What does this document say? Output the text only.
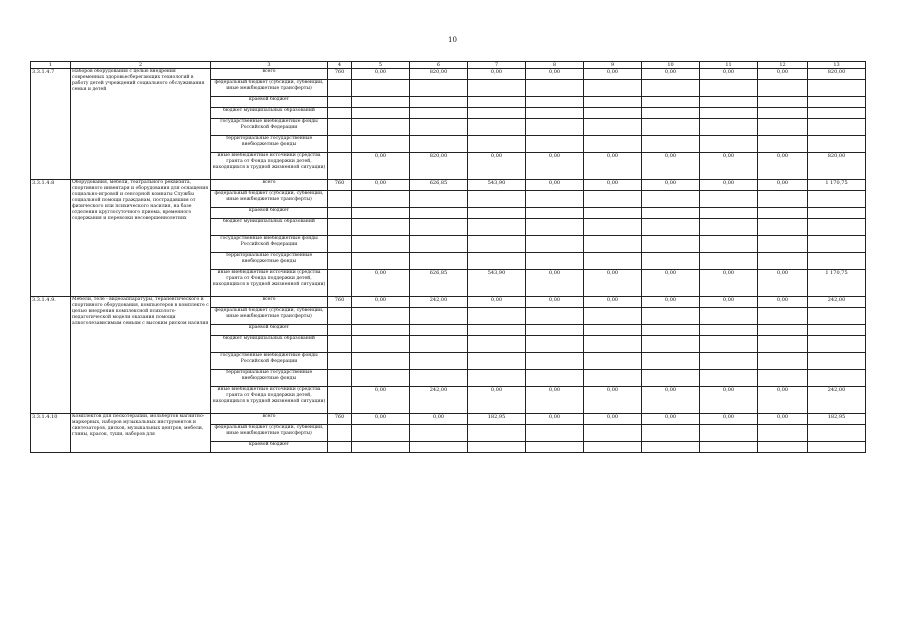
10
1	2	3	4	5	6	7	8	9	10	11	12	13
3.3.1.4.7	Наборов оборудования с целью внедрения современных здоровьесберегающих технологий в работу детей учреждений социального обслуживания семьи и детей	всего	760	0,00	820,00	0,00	0,00	0,00	0,00	0,00	0,00	820,00
		федеральный бюджет (субсидии, субвенции, иные межбюджетные трансферты)										
		краевой бюджет										
		бюджет муниципальных образований										
		государственные внебюджетные фонды Российской Федерации										
		территориальные государственные внебюджетные фонды										
		иные внебюджетные источники (средства гранта от Фонда поддержки детей, находящихся в трудной жизненной ситуации)		0,00	820,00	0,00	0,00	0,00	0,00	0,00	0,00	820,00
3.3.1.4.8	Оборудования, мебели, театрального реквизита, спортивного инвентаря и оборудования для оснащения социально-игровой и сенсорной комнаты Службы социальной помощи гражданам, пострадавшим от физического или психического насилия, на базе отделения круглосуточного приема, временного содержания и перевозки несовершеннолетних	всего	760	0,00	626,85	543,90	0,00	0,00	0,00	0,00	0,00	1 170,75
		федеральный бюджет (субсидии, субвенции, иные межбюджетные трансферты)										
		краевой бюджет										
		бюджет муниципальных образований										
		государственные внебюджетные фонды Российской Федерации										
		территориальные государственные внебюджетные фонды										
		иные внебюджетные источники (средства гранта от Фонда поддержки детей, находящихся в трудной жизненной ситуации)		0,00	626,85	543,90	0,00	0,00	0,00	0,00	0,00	1 170,75
3.3.1.4.9.	Мебели, теле - видеоаппаратуры, терапевтического и спортивного оборудования, компьютеров в комплекте с целью внедрения комплексной психолого-педагогической модели оказания помощи алкоголезависимым семьям с высоким риском насилия	всего	760	0,00	242,00	0,00	0,00	0,00	0,00	0,00	0,00	242,00
		федеральный бюджет (субсидии, субвенции, иные межбюджетные трансферты)										
		краевой бюджет										
		бюджет муниципальных образований										
		государственные внебюджетные фонды Российской Федерации										
		территориальные государственные внебюджетные фонды										
		иные внебюджетные источники (средства гранта от Фонда поддержки детей, находящихся в трудной жизненной ситуации)		0,00	242,00	0,00	0,00	0,00	0,00	0,00	0,00	242,00
3.3.1.4.10	Комплектов для пескотерапии, мольбертов магнитно-маркерных, наборов музыкальных инструментов и синтезаторов, дисков, музыкальных центров, мебели, глины, красок, туши, наборов для	всего	760	0,00	0,00	182,95	0,00	0,00	0,00	0,00	0,00	182,95
		федеральный бюджет (субсидии, субвенции, иные межбюджетные трансферты)										
		краевой бюджет										
